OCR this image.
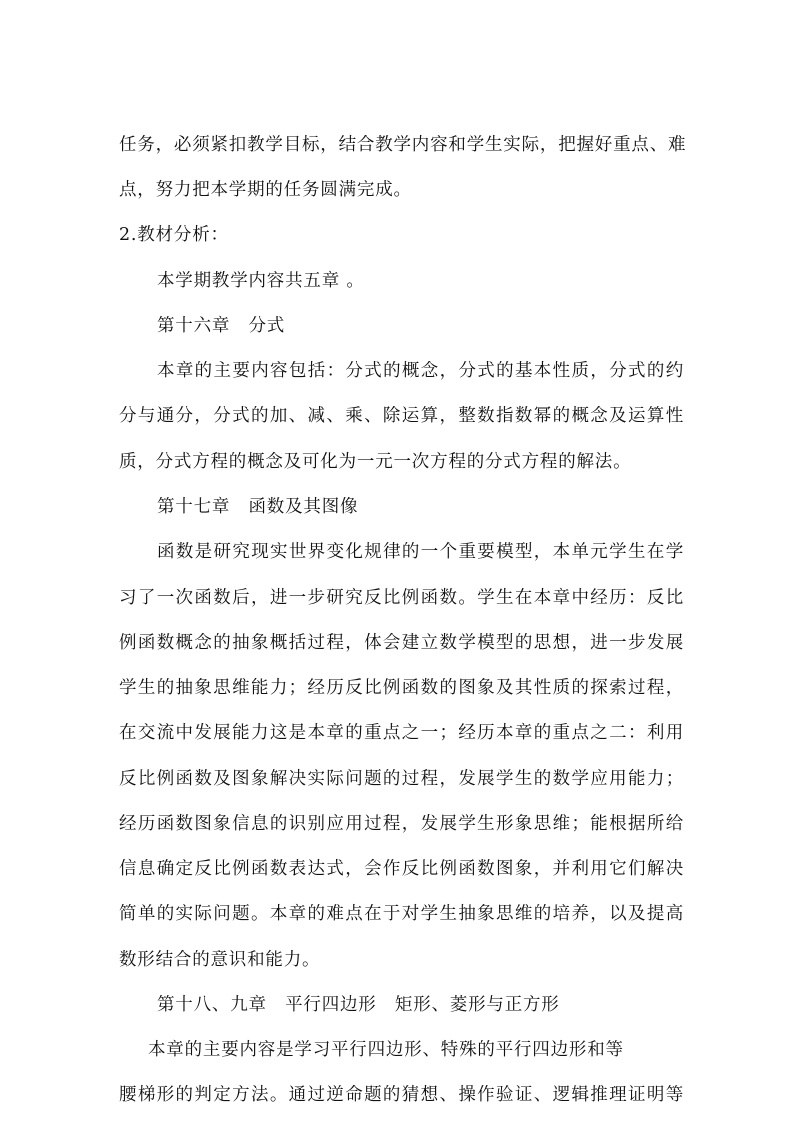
任务，必须紧扣教学目标，结合教学内容和学生实际，把握好重点、难
点，努力把本学期的任务圆满完成。
2.教材分析：
本学期教学内容共五章 。
第十六章　分式
本章的主要内容包括：分式的概念，分式的基本性质，分式的约
分与通分，分式的加、减、乘、除运算，整数指数幂的概念及运算性
质，分式方程的概念及可化为一元一次方程的分式方程的解法。
第十七章　函数及其图像
函数是研究现实世界变化规律的一个重要模型，本单元学生在学
习了一次函数后，进一步研究反比例函数。学生在本章中经历：反比
例函数概念的抽象概括过程，体会建立数学模型的思想，进一步发展
学生的抽象思维能力；经历反比例函数的图象及其性质的探索过程，
在交流中发展能力这是本章的重点之一；经历本章的重点之二：利用
反比例函数及图象解决实际问题的过程，发展学生的数学应用能力；
经历函数图象信息的识别应用过程，发展学生形象思维；能根据所给
信息确定反比例函数表达式，会作反比例函数图象，并利用它们解决
简单的实际问题。本章的难点在于对学生抽象思维的培养，以及提高
数形结合的意识和能力。
第十八、九章　平行四边形　矩形、菱形与正方形
本章的主要内容是学习平行四边形、特殊的平行四边形和等
腰梯形的判定方法。通过逆命题的猜想、操作验证、逻辑推理证明等
